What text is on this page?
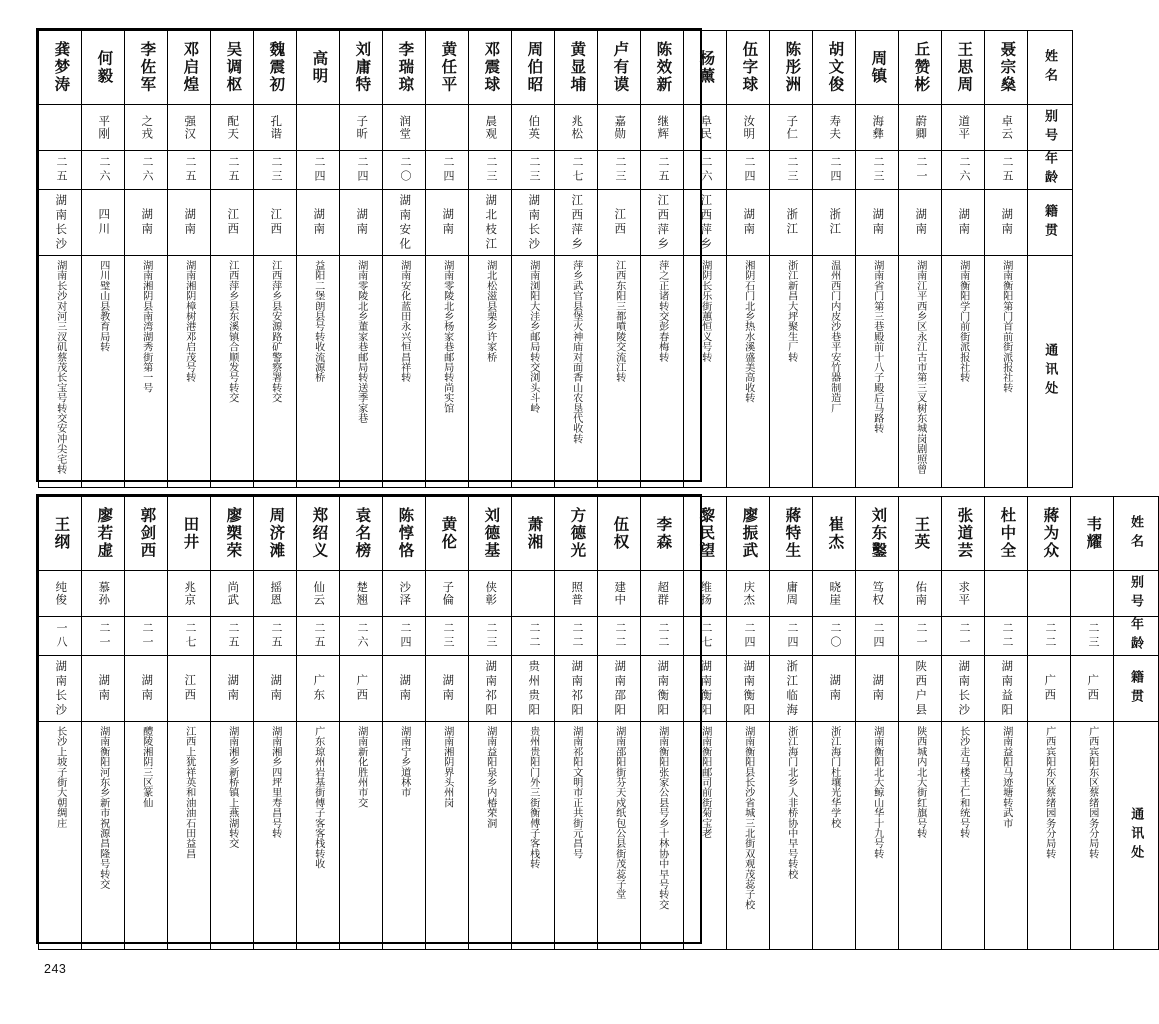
龚梦涛	何毅	李佐军	邓启煌	吴调枢	魏震初	高明	刘庸特	李瑞琼	黄任平	邓震球	周伯昭	黄显埔	卢有谟	陈效新	杨薰	伍字球	陈彤洲	胡文俊	周镇	丘赞彬	王思周	聂宗燊	姓名

	平刚	之戎	强汉	配天	孔谐		子昕	润堂		晨观	伯英	兆松	嘉勋	继辉	阜民	汝明	子仁	寿夫	海彝	蔚卿	道平	卓云	别号

二五	二六	二六	二五	二五	二三	二四	二四	二〇	二四	二三	二三	二七	二三	二五	二六	二四	二三	二四	二三	二一	二六	二五	年龄

湖南长沙	四川	湖南	湖南	江西	江西	湖南	湖南	湖南安化	湖南	湖北枝江	湖南长沙	江西萍乡	江西	江西萍乡	江西萍乡	湖南	浙江	浙江	湖南	湖南	湖南	湖南	籍贯

湖南长沙对河三汊矶蔡茂长宝号转交安冲尖宅转	四川璧山县教育局转	湖南湘阴县南湾湖秀街第一号	湖南湘阴樟树港邓启茂号转	江西萍乡县东溪镇合顺发号转交	江西萍乡县安源路矿警察署转交	益阳二堡朗县号转收流源桥	湖南零陵北乡董家巷邮局转送季家巷	湖南安化蓝田永兴恒昌祥转	湖南零陵北乡杨家巷邮局转尚实馆	湖北松滋县栗乡许家桥	湖南浏阳大洼乡邮局转交浏头斗岭	萍乡武官县堡火神庙对面香山农垦代收转	江西东阳三都噴陵交流江转	萍之正诸转交彭春梅转	湖阴长乐街蕙恒义号转	湘阴石门北乡热水溪盛美高收转	浙江新昌大坪聚生厂转	温州西门内皮沙巷平安竹器制造厂	湖南省门第三巷殿前十八子殿后马路转	湖南江平西乡区永江古市第三叉树东城岗剧照曾	湖南衡阳学门前街派报社转	湖南衡阳第门首前街派报社转	通讯处
王纲	廖若虚	郭剑西	田井	廖槊荣	周济滩	郑绍义	袁名榜	陈惇恪	黄伦	刘德基	萧湘	方德光	伍权	李森	黎民望	廖振武	蔣特生	崔杰	刘东鑿	王英	张道芸	杜中全	蔣为众	韦耀	姓名

纯俊	慕孙		兆京	尚武	摇恩	仙云	楚翘	沙泽	子倫	侠彰		照普	建中	超群	维扬	庆杰	庸周	晓崖	笃权	佑南	求平				别号

一八	二一	二一	二七	二五	二五	二五	二六	二四	二三	二三	二二	二二	二二	二二	二七	二四	二四	二〇	二四	二一	二一	二二	二二	二三	年龄

湖南长沙	湖南	湖南	江西	湖南	湖南	广东	广西	湖南	湖南	湖南祁阳	贵州贵阳	湖南祁阳	湖南邵阳	湖南衡阳	湖南衡阳	湖南衡阳	浙江临海	湖南	湖南	陕西户县	湖南长沙	湖南益阳	广西	广西	籍贯

长沙上坡子街大朝绸庄	湖南衡阳河东乡新市祝源昌隆号转交	醴陵湘阴三区篆仙	江西上犹祥英和油油石田益昌	湖南湘乡新桥镇上燕湖转交	湖南湘乡四坪里寿昌号转	广东琼州岩基街傅子客客栈转收	湖南新化胜州市交	湖南宁乡道林市	湖南湘阴界头州岗	湖南益阳泉乡内椿荣洞	贵州贵阳门外三街衡傅子客栈转	湖南祁阳文明市正共街元昌号	湖南邵阳街芬天戍纸包公县街茂蕊子堂	湖南衡阳张家公县号乡十林协中早号转交	湖南衡阳邮司前街菊宝老	湖南衡阳县长沙省城三北街双观茂蕊子校	浙江海门北乡人非桥协中早号转校	浙江海门杜壤光华学校	湖南衡阳北大鲸山华十九号转	陕西城内北大街红旗号转	长沙走马楼王仁和统号转	湖南益阳马迹塘转武市	广西宾阳东区蔡绪园务分局转	广西宾阳东区蔡绪园务分局转	通讯处
243
